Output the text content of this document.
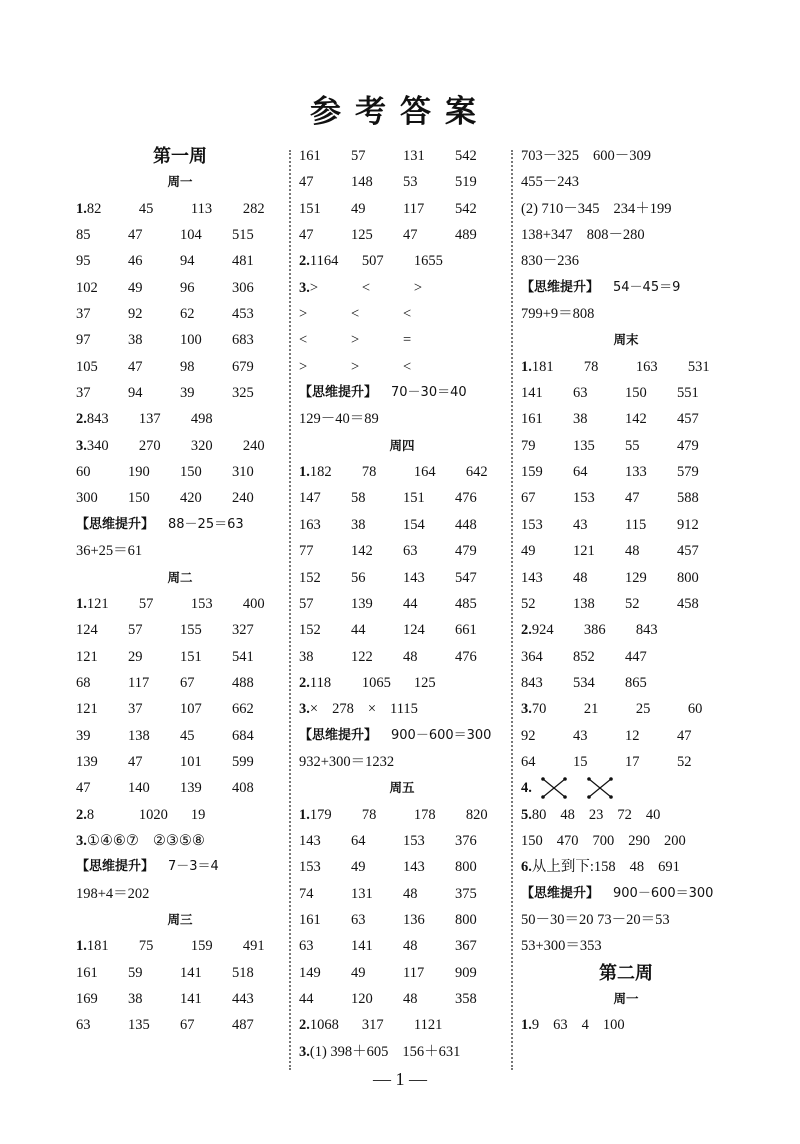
参考答案
第一周
周一
1.82	45	113 282
85	47	104 515
95	46	94	481
102 49	96	306
37	92	62	453
97	38	100 683
105 47	98	679
37	94	39	325
2.843 137 498
3.340 270 320 240
60	190 150 310
300 150 420 240
【思维提升】 88－25＝63
36+25＝61
周二
1.121 57	153 400
124 57	155 327
121 29	151 541
68	117 67	488
121 37	107 662
39	138 45	684
139 47	101 599
47	140 139 408
2.8	1020 19
3.①④⑥⑦ ②③⑤⑧
【思维提升】 7－3＝4
198+4＝202
周三
1.181 75	159 491
161 59	141 518
169 38	141 443
63	135 67	487
161 57	131 542
47	148 53	519
151 49	117 542
47	125 47	489
2.1164 507 1655
3.>	<	>
>	<	<
<	>	=
>	>	<
【思维提升】 70－30＝40
129－40＝89
周四
1.182 78	164 642
147 58	151 476
163 38	154 448
77	142 63	479
152 56	143 547
57	139 44	485
152 44	124 661
38	122 48	476
2.118 1065 125
3.× 278 × 1115
【思维提升】 900－600＝300
932+300＝1232
周五
1.179 78	178 820
143 64	153 376
153 49	143 800
74	131 48	375
161 63	136 800
63	141 48	367
149 49	117 909
44	120 48	358
2.1068 317 1121
3.(1) 398＋605 156＋631
703－325 600－309
455－243
(2) 710－345 234＋199
138+347 808－280
830－236
【思维提升】 54－45＝9
799+9＝808
周末
1.181 78	163 531
141 63	150 551
161 38	142 457
79	135 55	479
159 64	133 579
67	153 47	588
153 43	115 912
49	121 48	457
143 48	129 800
52	138 52	458
2.924 386 843
364 852 447
843 534 865
3.70	21	25	60
92	43	12	47
64	15	17	52
4.
5.80 48 23 72 40
150 470 700 290 200
6.从上到下:158 48 691
【思维提升】 900－600＝300
50－30＝20 73－20＝53
53+300＝353
第二周
周一
1.9 63 4 100
— 1 —
